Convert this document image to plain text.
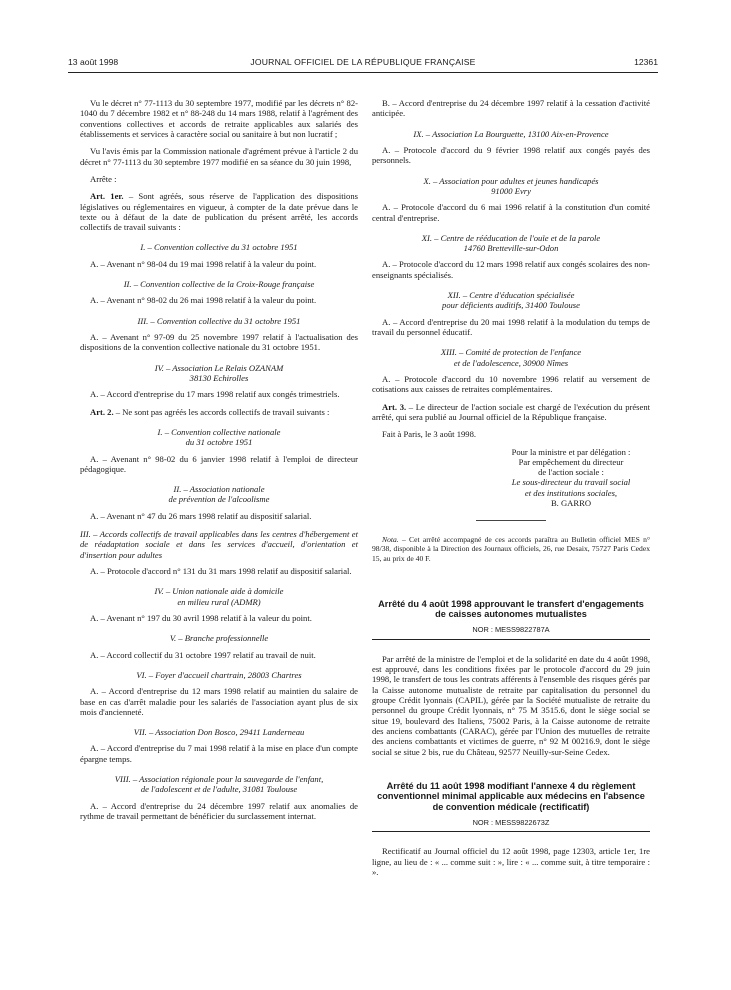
13 août 1998	JOURNAL OFFICIEL DE LA RÉPUBLIQUE FRANÇAISE	12361

Vu le décret n° 77-1113 du 30 septembre 1977, modifié par les décrets n° 82-1040 du 7 décembre 1982 et n° 88-248 du 14 mars 1988, relatif à l'agrément des conventions collectives et accords de retraite applicables aux salariés des établissements et services à caractère social ou sanitaire à but non lucratif ;

Vu l'avis émis par la Commission nationale d'agrément prévue à l'article 2 du décret n° 77-1113 du 30 septembre 1977 modifié en sa séance du 30 juin 1998,

Arrête :

Art. 1er. – Sont agréés, sous réserve de l'application des dispositions législatives ou réglementaires en vigueur, à compter de la date prévue dans le texte ou à défaut de la date de publication du présent arrêté, les accords collectifs de travail suivants :

I. – Convention collective du 31 octobre 1951

A. – Avenant n° 98-04 du 19 mai 1998 relatif à la valeur du point.

II. – Convention collective de la Croix-Rouge française

A. – Avenant n° 98-02 du 26 mai 1998 relatif à la valeur du point.

III. – Convention collective du 31 octobre 1951

A. – Avenant n° 97-09 du 25 novembre 1997 relatif à l'actualisation des dispositions de la convention collective nationale du 31 octobre 1951.

IV. – Association Le Relais OZANAM
38130 Echirolles

A. – Accord d'entreprise du 17 mars 1998 relatif aux congés trimestriels.

Art. 2. – Ne sont pas agréés les accords collectifs de travail suivants :

I. – Convention collective nationale
du 31 octobre 1951

A. – Avenant n° 98-02 du 6 janvier 1998 relatif à l'emploi de directeur pédagogique.

II. – Association nationale
de prévention de l'alcoolisme

A. – Avenant n° 47 du 26 mars 1998 relatif au dispositif salarial.

III. – Accords collectifs de travail applicables dans les centres d'hébergement et de réadaptation sociale et dans les services d'accueil, d'orientation et d'insertion pour adultes

A. – Protocole d'accord n° 131 du 31 mars 1998 relatif au dispositif salarial.

IV. – Union nationale aide à domicile
en milieu rural (ADMR)

A. – Avenant n° 197 du 30 avril 1998 relatif à la valeur du point.

V. – Branche professionnelle

A. – Accord collectif du 31 octobre 1997 relatif au travail de nuit.

VI. – Foyer d'accueil chartrain, 28003 Chartres

A. – Accord d'entreprise du 12 mars 1998 relatif au maintien du salaire de base en cas d'arrêt maladie pour les salariés de l'association ayant plus de six mois d'ancienneté.

VII. – Association Don Bosco, 29411 Landerneau

A. – Accord d'entreprise du 7 mai 1998 relatif à la mise en place d'un compte épargne temps.

VIII. – Association régionale pour la sauvegarde de l'enfant,
de l'adolescent et de l'adulte, 31081 Toulouse

A. – Accord d'entreprise du 24 décembre 1997 relatif aux anomalies de rythme de travail permettant de bénéficier du surclassement internat.

B. – Accord d'entreprise du 24 décembre 1997 relatif à la cessation d'activité anticipée.

IX. – Association La Bourguette, 13100 Aix-en-Provence

A. – Protocole d'accord du 9 février 1998 relatif aux congés payés des personnels.

X. – Association pour adultes et jeunes handicapés
91000 Evry

A. – Protocole d'accord du 6 mai 1996 relatif à la constitution d'un comité central d'entreprise.

XI. – Centre de rééducation de l'ouïe et de la parole
14760 Bretteville-sur-Odon

A. – Protocole d'accord du 12 mars 1998 relatif aux congés scolaires des non-enseignants spécialisés.

XII. – Centre d'éducation spécialisée
pour déficients auditifs, 31400 Toulouse

A. – Accord d'entreprise du 20 mai 1998 relatif à la modulation du temps de travail du personnel éducatif.

XIII. – Comité de protection de l'enfance
et de l'adolescence, 30900 Nîmes

A. – Protocole d'accord du 10 novembre 1996 relatif au versement de cotisations aux caisses de retraites complémentaires.

Art. 3. – Le directeur de l'action sociale est chargé de l'exécution du présent arrêté, qui sera publié au Journal officiel de la République française.

Fait à Paris, le 3 août 1998.

Pour la ministre et par délégation :
Par empêchement du directeur
de l'action sociale :
Le sous-directeur du travail social
et des institutions sociales,
B. GARRO

Nota. – Cet arrêté accompagné de ces accords paraîtra au Bulletin officiel MES n° 98/38, disponible à la Direction des Journaux officiels, 26, rue Desaix, 75727 Paris Cedex 15, au prix de 40 F.

Arrêté du 4 août 1998 approuvant le transfert d'engagements de caisses autonomes mutualistes
NOR : MESS9822787A

Par arrêté de la ministre de l'emploi et de la solidarité en date du 4 août 1998, est approuvé, dans les conditions fixées par le protocole d'accord du 29 juin 1998, le transfert de tous les contrats afférents à l'ensemble des risques gérés par la Caisse autonome mutualiste de retraite par capitalisation du personnel du groupe Crédit lyonnais (CAPIL), gérée par la Société mutualiste de retraite du personnel du groupe Crédit lyonnais, n° 75 M 3515.6, dont le siège social se situe 19, boulevard des Italiens, 75002 Paris, à la Caisse autonome de retraite des anciens combattants (CARAC), gérée par l'Union des mutuelles de retraite des anciens combattants et victimes de guerre, n° 92 M 00216.9, dont le siège social se situe 2 bis, rue du Château, 92577 Neuilly-sur-Seine Cedex.

Arrêté du 11 août 1998 modifiant l'annexe 4 du règlement conventionnel minimal applicable aux médecins en l'absence de convention médicale (rectificatif)
NOR : MESS9822673Z

Rectificatif au Journal officiel du 12 août 1998, page 12303, article 1er, 1re ligne, au lieu de : « ... comme suit : », lire : « ... comme suit, à titre temporaire : ».
